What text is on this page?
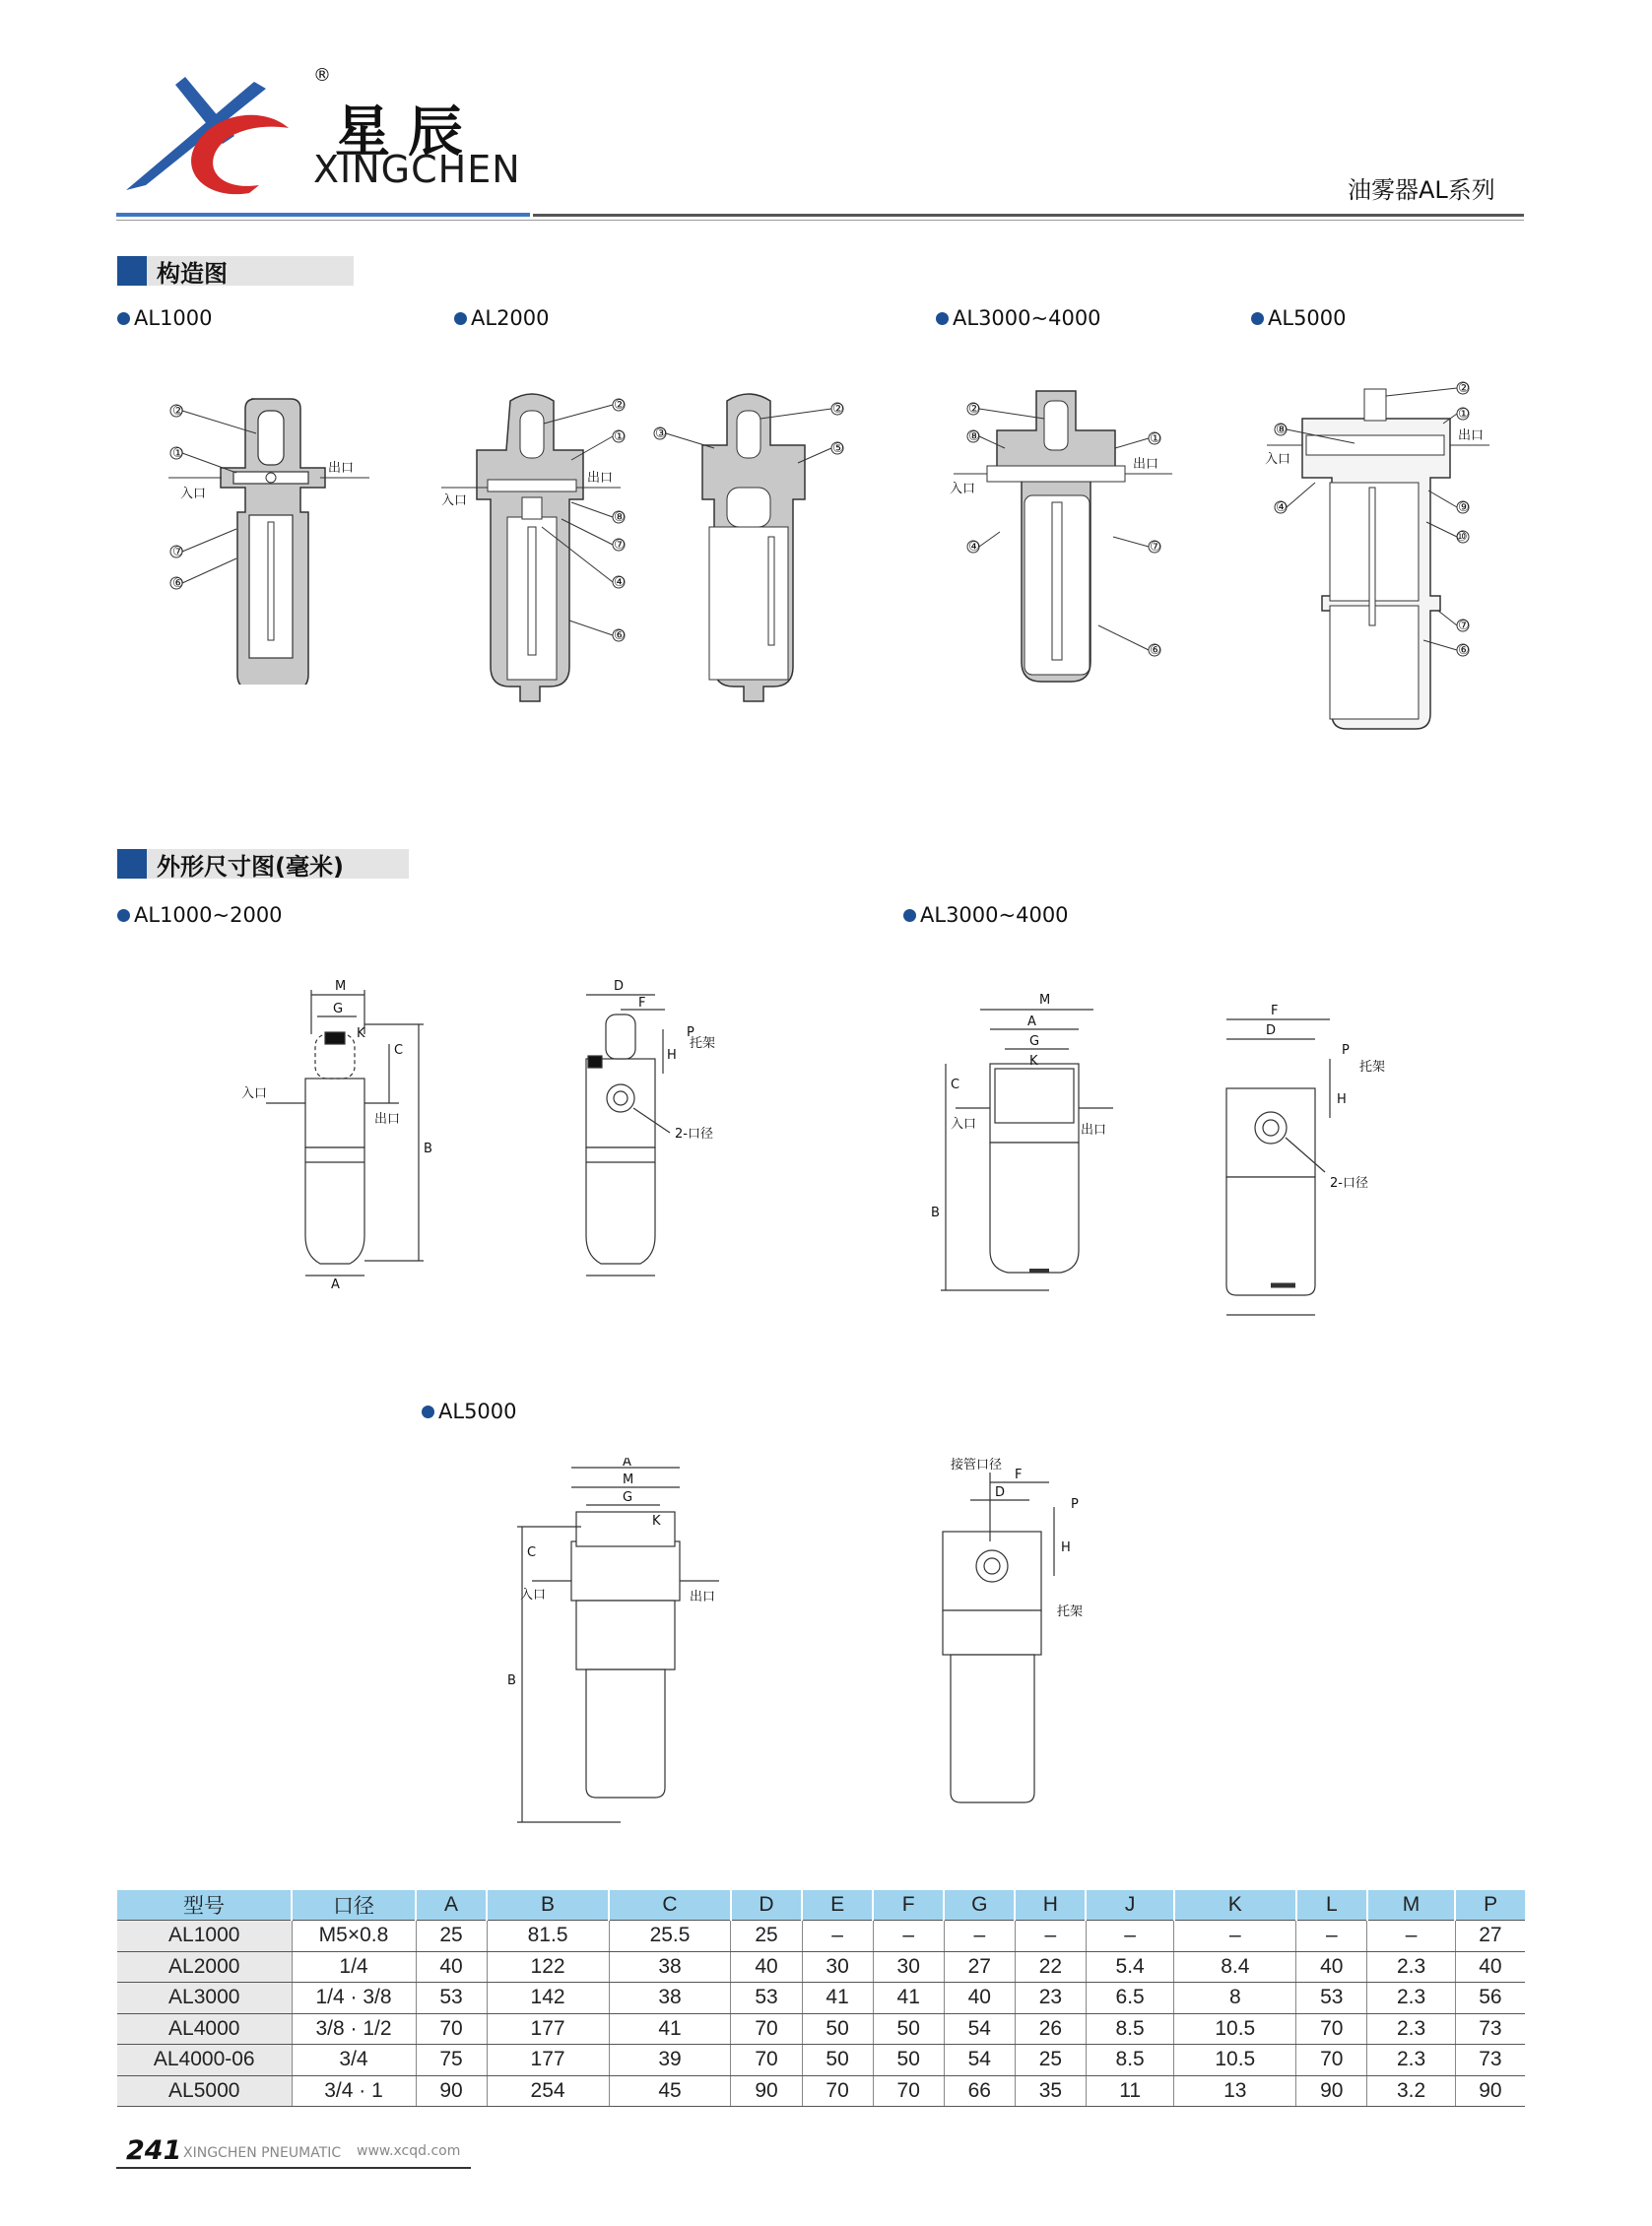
星辰
®
XINGCHEN	油雾器AL系列
构造图
AL1000	AL2000	AL3000~4000	AL5000
②
①
⑦
⑥
入口
出口
②
①
⑧
⑦
④
⑥
入口
出口
②
⑤
③
②
⑧
④
①
⑦
⑥
入口
出口
②
①
⑧
④	⑨
⑩
⑦
⑥
入口
出口
外形尺寸图(毫米)
AL1000~2000	AL3000~4000
AL5000
M
G
K
C
B
A
入口
出口
D
F
P
H
托架
2-口径
M
A
G
K
C
B
入口	出口
F
D
P
H
托架
2-口径
A
M
G
K
C
B
入口	出口
接管口径
F
D
P
H
托架
型号	口径	A	B	C	D	E	F	G	H	J	K	L	M	P
AL1000	M5×0.8	25	81.5	25.5	25	–	–	–	–	–	–	–	–	27
AL2000	1/4	40	122	38	40	30	30	27	22	5.4	8.4	40	2.3	40
AL3000	1/4 · 3/8	53	142	38	53	41	41	40	23	6.5	8	53	2.3	56
AL4000	3/8 · 1/2	70	177	41	70	50	50	54	26	8.5	10.5	70	2.3	73
AL4000-06	3/4	75	177	39	70	50	50	54	25	8.5	10.5	70	2.3	73
AL5000	3/4 · 1	90	254	45	90	70	70	66	35	11	13	90	3.2	90
241 XINGCHEN PNEUMATIC www.xcqd.com
